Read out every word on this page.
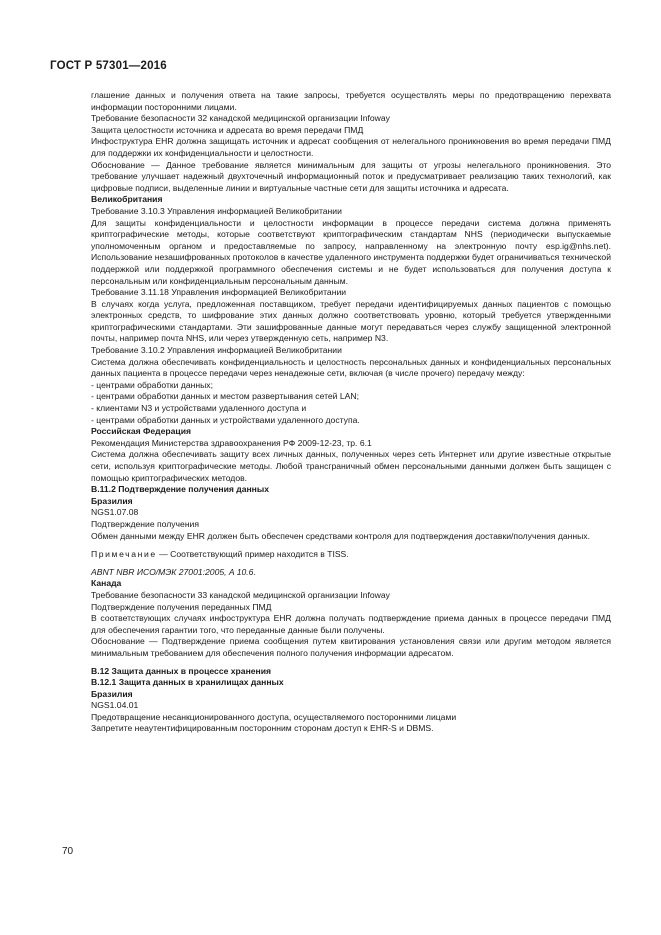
ГОСТ Р 57301—2016

глашение данных и получения ответа на такие запросы, требуется осуществлять меры по предотвращению перехвата информации посторонними лицами.

Требование безопасности 32 канадской медицинской организации Infoway

Защита целостности источника и адресата во время передачи ПМД

Инфоструктура EHR должна защищать источник и адресат сообщения от нелегального проникновения во время передачи ПМД для поддержки их конфиденциальности и целостности.

Обоснование — Данное требование является минимальным для защиты от угрозы нелегального проникновения. Это требование улучшает надежный двухточечный информационный поток и предусматривает реализацию таких технологий, как цифровые подписи, выделенные линии и виртуальные частные сети для защиты источника и адресата.

Великобритания

Требование 3.10.3 Управления информацией Великобритании

Для защиты конфиденциальности и целостности информации в процессе передачи система должна применять криптографические методы, которые соответствуют криптографическим стандартам NHS (периодически выпускаемые уполномоченным органом и предоставляемые по запросу, направленному на электронную почту esp.ig@nhs.net). Использование незашифрованных протоколов в качестве удаленного инструмента поддержки будет ограничиваться технической поддержкой или поддержкой программного обеспечения системы и не будет использоваться для получения доступа к персональным или конфиденциальным персональным данным.

Требование 3.11.18 Управления информацией Великобритании

В случаях когда услуга, предложенная поставщиком, требует передачи идентифицируемых данных пациентов с помощью электронных средств, то шифрование этих данных должно соответствовать уровню, который требуется утвержденными криптографическими стандартами. Эти зашифрованные данные могут передаваться через службу защищенной электронной почты, например почта NHS, или через утвержденную сеть, например N3.

Требование 3.10.2 Управления информацией Великобритании

Система должна обеспечивать конфиденциальность и целостность персональных данных и конфиденциальных персональных данных пациента в процессе передачи через ненадежные сети, включая (в числе прочего) передачу между:

- центрами обработки данных;

- центрами обработки данных и местом развертывания сетей LAN;

- клиентами N3 и устройствами удаленного доступа и

- центрами обработки данных и устройствами удаленного доступа.

Российская Федерация

Рекомендация Министерства здравоохранения РФ 2009-12-23, тр. 6.1

Система должна обеспечивать защиту всех личных данных, полученных через сеть Интернет или другие известные открытые сети, используя криптографические методы. Любой трансграничный обмен персональными данными должен быть защищен с помощью криптографических методов.

B.11.2 Подтверждение получения данных

Бразилия

NGS1.07.08

Подтверждение получения

Обмен данными между EHR должен быть обеспечен средствами контроля для подтверждения доставки/получения данных.

Примечание — Соответствующий пример находится в TISS.

ABNT NBR ИСО/МЭК 27001:2005, A 10.6.

Канада

Требование безопасности 33 канадской медицинской организации Infoway

Подтверждение получения переданных ПМД

В соответствующих случаях инфоструктура EHR должна получать подтверждение приема данных в процессе передачи ПМД для обеспечения гарантии того, что переданные данные были получены.

Обоснование — Подтверждение приема сообщения путем квитирования установления связи или другим методом является минимальным требованием для обеспечения полного получения информации адресатом.

B.12 Защита данных в процессе хранения

B.12.1 Защита данных в хранилищах данных

Бразилия

NGS1.04.01

Предотвращение несанкционированного доступа, осуществляемого посторонними лицами

Запретите неаутентифицированным посторонним сторонам доступ к EHR-S и DBMS.

70
